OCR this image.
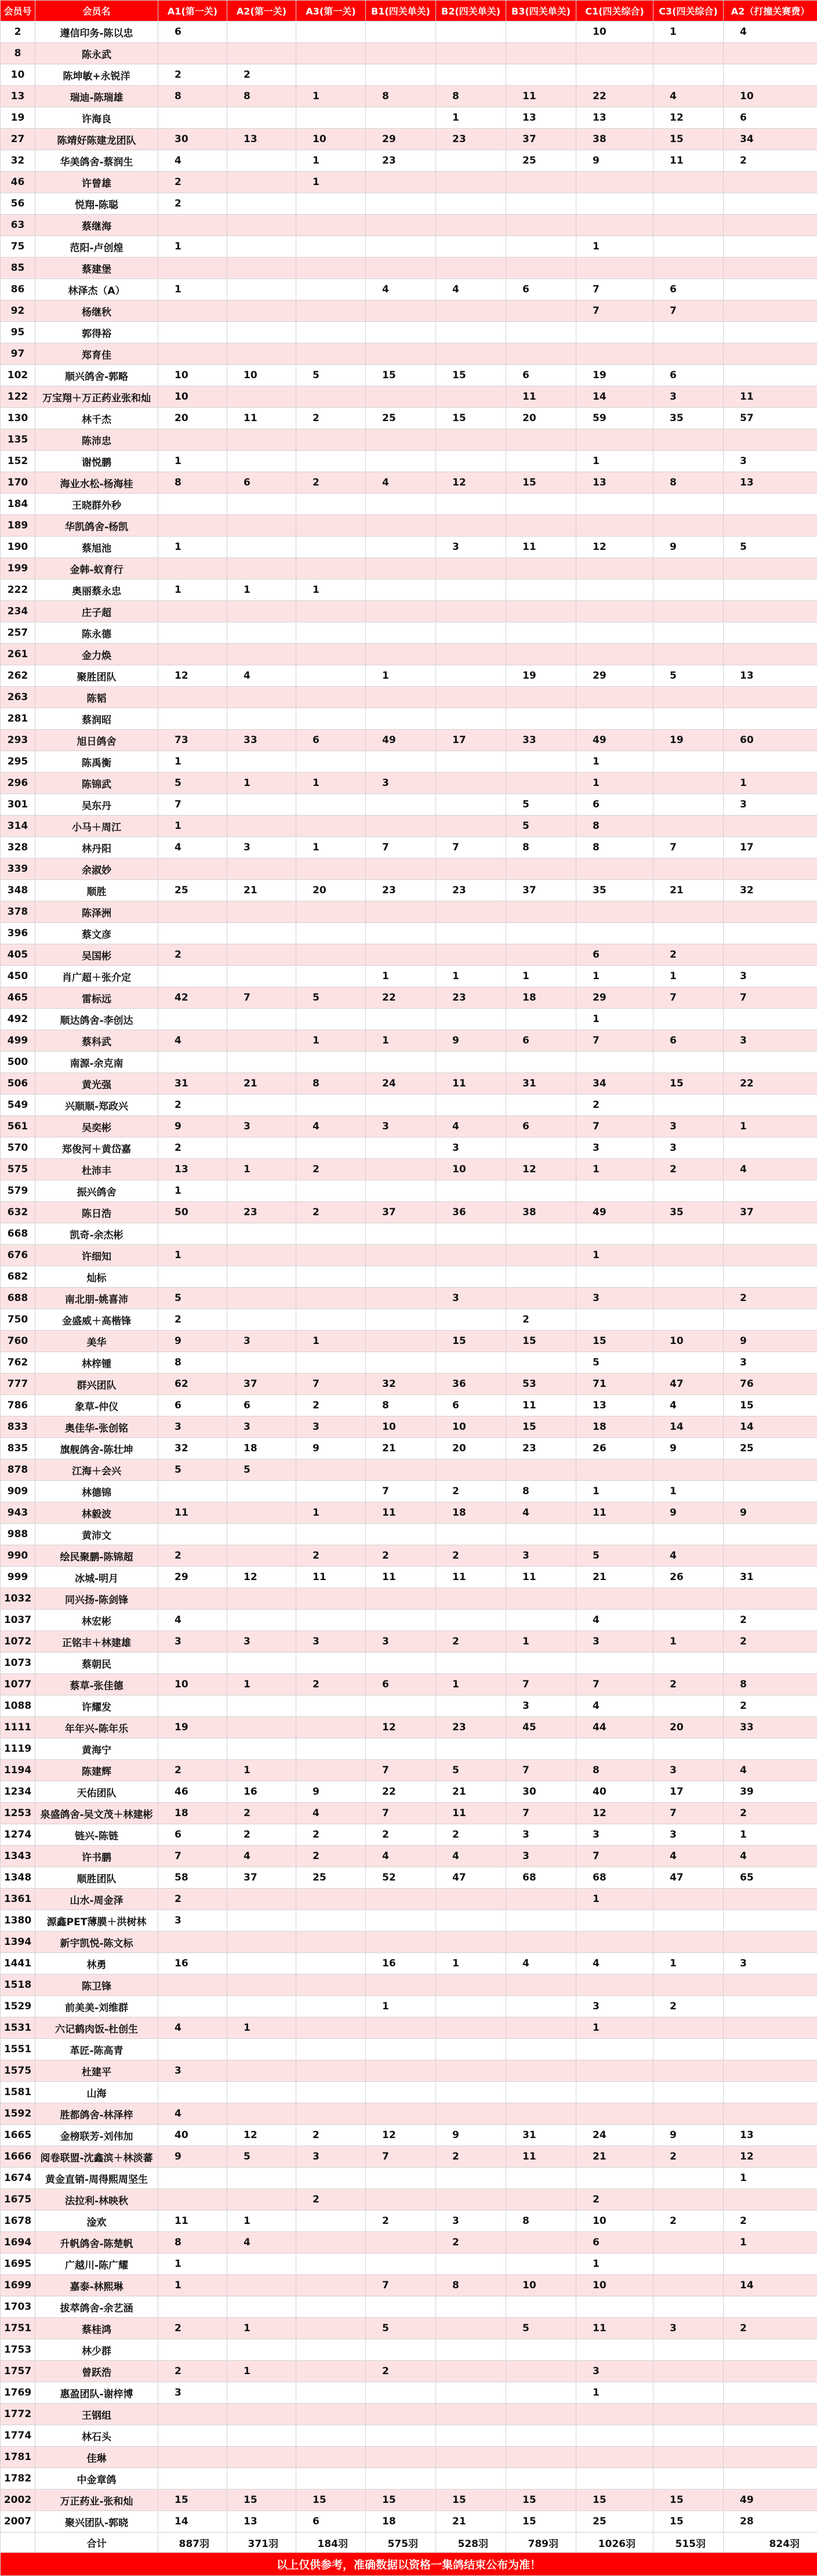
会员号	会员名	A1(第一关)	A2(第一关)	A3(第一关)	B1(四关单关)	B2(四关单关)	B3(四关单关)	C1(四关综合)	C3(四关综合)	A2（打撞关赛费）
2	遵信印务-陈以忠	6						10	1	4
8	陈永武									
10	陈坤敏+永锐洋	2	2							
13	瑞迪-陈瑞雄	8	8	1	8	8	11	22	4	10
19	许海良					1	13	13	12	6
27	陈靖好陈建龙团队	30	13	10	29	23	37	38	15	34
32	华美鸽舍-蔡润生	4		1	23		25	9	11	2
46	许曾雄	2		1						
56	悦翔-陈聪	2								
63	蔡继海									
75	范阳-卢创煌	1						1		
85	蔡建堡									
86	林泽杰（A）	1			4	4	6	7	6	
92	杨继秋							7	7	
95	郭得裕									
97	郑育佳									
102	顺兴鸽舍-郭略	10	10	5	15	15	6	19	6	
122	万宝翔＋万正药业张和灿	10					11	14	3	11
130	林千杰	20	11	2	25	15	20	59	35	57
135	陈沛忠									
152	谢悦鹏	1						1		3
170	海业水松-杨海桂	8	6	2	4	12	15	13	8	13
184	王晓群外秒									
189	华凯鸽舍-杨凯									
190	蔡旭池	1				3	11	12	9	5
199	金韩-蚁育行									
222	奥丽蔡永忠	1	1	1						
234	庄子超									
257	陈永德									
261	金力焕									
262	聚胜团队	12	4		1		19	29	5	13
263	陈韬									
281	蔡润昭									
293	旭日鸽舍	73	33	6	49	17	33	49	19	60
295	陈禹衡	1						1		
296	陈锦武	5	1	1	3			1		1
301	吴东丹	7					5	6		3
314	小马＋周江	1					5	8		
328	林丹阳	4	3	1	7	7	8	8	7	17
339	余淑妙									
348	顺胜	25	21	20	23	23	37	35	21	32
378	陈泽洲									
396	蔡文彦									
405	吴国彬	2						6	2	
450	肖广超＋张介定				1	1	1	1	1	3
465	雷标远	42	7	5	22	23	18	29	7	7
492	顺达鸽舍-李创达							1		
499	蔡科武	4		1	1	9	6	7	6	3
500	南源-余克南									
506	黄光强	31	21	8	24	11	31	34	15	22
549	兴顺顺-郑政兴	2						2		
561	吴奕彬	9	3	4	3	4	6	7	3	1
570	郑俊河＋黄岱嘉	2				3		3	3	
575	杜沛丰	13	1	2		10	12	1	2	4
579	振兴鸽舍	1								
632	陈日浩	50	23	2	37	36	38	49	35	37
668	凯奇-余杰彬									
676	许细知	1						1		
682	灿标									
688	南北朋-姚喜沛	5				3		3		2
750	金盛威＋高楷锋	2					2			
760	美华	9	3	1		15	15	15	10	9
762	林梓锺	8						5		3
777	群兴团队	62	37	7	32	36	53	71	47	76
786	象草-仲仪	6	6	2	8	6	11	13	4	15
833	奥佳华-张创铭	3	3	3	10	10	15	18	14	14
835	旗舰鸽舍-陈壮坤	32	18	9	21	20	23	26	9	25
878	江海＋会兴	5	5							
909	林德锦				7	2	8	1	1	
943	林毅波	11		1	11	18	4	11	9	9
988	黄沛文									
990	绘民聚鹏-陈锦超	2		2	2	2	3	5	4	
999	冰城-明月	29	12	11	11	11	11	21	26	31
1032	同兴扬-陈剑锋									
1037	林宏彬	4						4		2
1072	正铭丰＋林建雄	3	3	3	3	2	1	3	1	2
1073	蔡朝民									
1077	蔡草-张佳德	10	1	2	6	1	7	7	2	8
1088	许耀发						3	4		2
1111	年年兴-陈年乐	19			12	23	45	44	20	33
1119	黄海宁									
1194	陈建辉	2	1		7	5	7	8	3	4
1234	天佑团队	46	16	9	22	21	30	40	17	39
1253	泉盛鸽舍-吴文茂＋林建彬	18	2	4	7	11	7	12	7	2
1274	链兴-陈链	6	2	2	2	2	3	3	3	1
1343	许书鹏	7	4	2	4	4	3	7	4	4
1348	顺胜团队	58	37	25	52	47	68	68	47	65
1361	山水-周金泽	2						1		
1380	源鑫PET薄膜＋洪树林	3								
1394	新宇凯悦-陈文标									
1441	林勇	16			16	1	4	4	1	3
1518	陈卫锋									
1529	前美美-刘维群				1			3	2	
1531	六记鹤肉饭-杜创生	4	1					1		
1551	革匠-陈高青									
1575	杜建平	3								
1581	山海									
1592	胜都鸽舍-林泽梓	4								
1665	金榜联芳-刘伟加	40	12	2	12	9	31	24	9	13
1666	阅卷联盟-沈鑫滨＋林淡蕃	9	5	3	7	2	11	21	2	12
1674	黄金直销-周得熙周坚生									1
1675	法拉利-林映秋			2				2		
1678	淦欢	11	1		2	3	8	10	2	2
1694	升帆鸽舍-陈楚帆	8	4			2		6		1
1695	广越川-陈广耀	1						1		
1699	嘉泰-林熙琳	1			7	8	10	10		14
1703	拔萃鸽舍-余艺涵									
1751	蔡桂鸿	2	1		5		5	11	3	2
1753	林少群									
1757	曾跃浩	2	1		2			3		
1769	惠盈团队-谢梓博	3						1		
1772	王钢组									
1774	林石头									
1781	佳琳									
1782	中金章鸽									
2002	万正药业-张和灿	15	15	15	15	15	15	15	15	49
2007	聚兴团队-郭晓	14	13	6	18	21	15	25	15	28
	合计	887羽	371羽	184羽	575羽	528羽	789羽	1026羽	515羽	824羽
以上仅供参考，准确数据以资格一集鸽结束公布为准！										
